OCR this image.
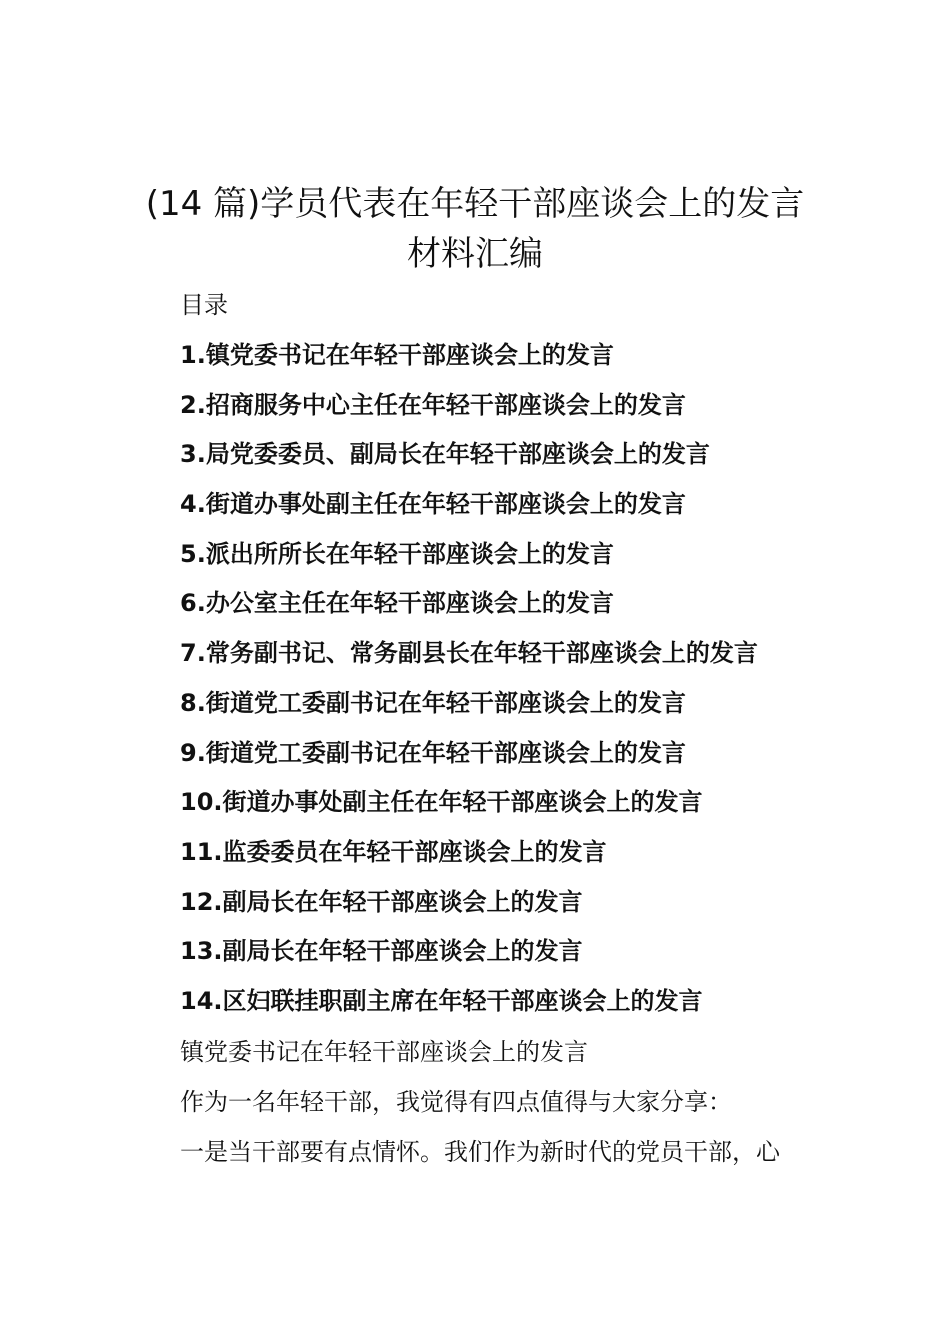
(14 篇)学员代表在年轻干部座谈会上的发言
材料汇编
目录
1.镇党委书记在年轻干部座谈会上的发言
2.招商服务中心主任在年轻干部座谈会上的发言
3.局党委委员、副局长在年轻干部座谈会上的发言
4.街道办事处副主任在年轻干部座谈会上的发言
5.派出所所长在年轻干部座谈会上的发言
6.办公室主任在年轻干部座谈会上的发言
7.常务副书记、常务副县长在年轻干部座谈会上的发言
8.街道党工委副书记在年轻干部座谈会上的发言
9.街道党工委副书记在年轻干部座谈会上的发言
10.街道办事处副主任在年轻干部座谈会上的发言
11.监委委员在年轻干部座谈会上的发言
12.副局长在年轻干部座谈会上的发言
13.副局长在年轻干部座谈会上的发言
14.区妇联挂职副主席在年轻干部座谈会上的发言
镇党委书记在年轻干部座谈会上的发言
作为一名年轻干部，我觉得有四点值得与大家分享：
一是当干部要有点情怀。我们作为新时代的党员干部，心
